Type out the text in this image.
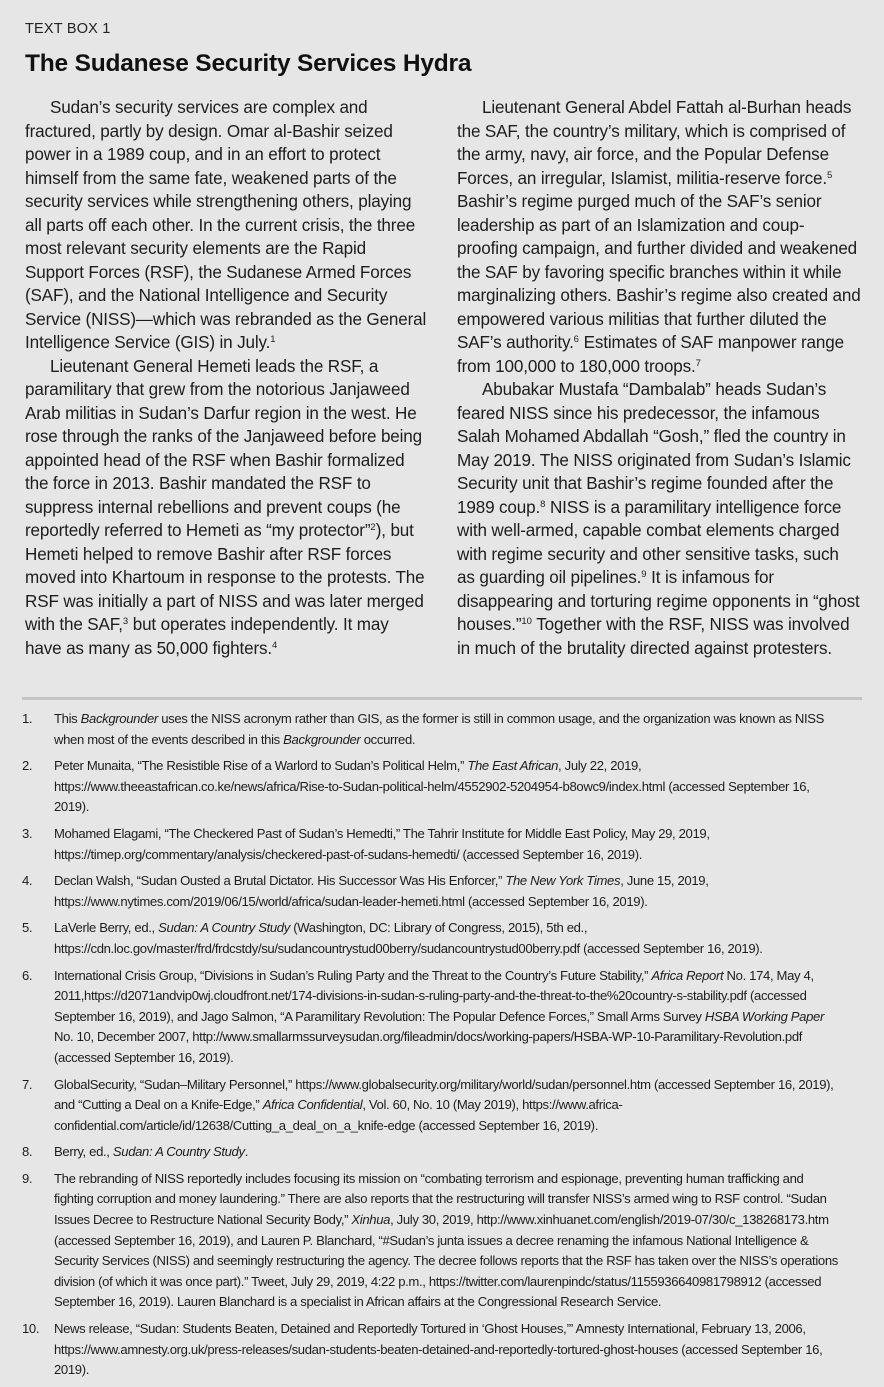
TEXT BOX 1
The Sudanese Security Services Hydra

Sudan’s security services are complex and fractured, partly by design. Omar al-Bashir seized power in a 1989 coup, and in an effort to protect himself from the same fate, weakened parts of the security services while strengthening others, playing all parts off each other. In the current crisis, the three most relevant security elements are the Rapid Support Forces (RSF), the Sudanese Armed Forces (SAF), and the National Intelligence and Security Service (NISS)—which was rebranded as the General Intelligence Service (GIS) in July.$^1$

Lieutenant General Hemeti leads the RSF, a paramilitary that grew from the notorious Janjaweed Arab militias in Sudan’s Darfur region in the west. He rose through the ranks of the Janjaweed before being appointed head of the RSF when Bashir formalized the force in 2013. Bashir mandated the RSF to suppress internal rebellions and prevent coups (he reportedly referred to Hemeti as “my protector”$^2$), but Hemeti helped to remove Bashir after RSF forces moved into Khartoum in response to the protests. The RSF was initially a part of NISS and was later merged with the SAF,$^3$ but operates independently. It may have as many as 50,000 fighters.$^4$

Lieutenant General Abdel Fattah al-Burhan heads the SAF, the country’s military, which is comprised of the army, navy, air force, and the Popular Defense Forces, an irregular, Islamist, militia-reserve force.$^5$ Bashir’s regime purged much of the SAF’s senior leadership as part of an Islamization and coup-proofing campaign, and further divided and weakened the SAF by favoring specific branches within it while marginalizing others. Bashir’s regime also created and empowered various militias that further diluted the SAF’s authority.$^6$ Estimates of SAF manpower range from 100,000 to 180,000 troops.$^7$

Abubakar Mustafa “Dambalab” heads Sudan’s feared NISS since his predecessor, the infamous Salah Mohamed Abdallah “Gosh,” fled the country in May 2019. The NISS originated from Sudan’s Islamic Security unit that Bashir’s regime founded after the 1989 coup.$^8$ NISS is a paramilitary intelligence force with well-armed, capable combat elements charged with regime security and other sensitive tasks, such as guarding oil pipelines.$^9$ It is infamous for disappearing and torturing regime opponents in “ghost houses.”$^{10}$ Together with the RSF, NISS was involved in much of the brutality directed against protesters.

1. This Backgrounder uses the NISS acronym rather than GIS, as the former is still in common usage, and the organization was known as NISS when most of the events described in this Backgrounder occurred.
2. Peter Munaita, “The Resistible Rise of a Warlord to Sudan’s Political Helm,” The East African, July 22, 2019, https://www.theeastafrican.co.ke/news/africa/Rise-to-Sudan-political-helm/4552902-5204954-b8owc9/index.html (accessed September 16, 2019).
3. Mohamed Elagami, “The Checkered Past of Sudan’s Hemedti,” The Tahrir Institute for Middle East Policy, May 29, 2019, https://timep.org/commentary/analysis/checkered-past-of-sudans-hemedti/ (accessed September 16, 2019).
4. Declan Walsh, “Sudan Ousted a Brutal Dictator. His Successor Was His Enforcer,” The New York Times, June 15, 2019, https://www.nytimes.com/2019/06/15/world/africa/sudan-leader-hemeti.html (accessed September 16, 2019).
5. LaVerle Berry, ed., Sudan: A Country Study (Washington, DC: Library of Congress, 2015), 5th ed., https://cdn.loc.gov/master/frd/frdcstdy/su/sudancountrystud00berry/sudancountrystud00berry.pdf (accessed September 16, 2019).
6. International Crisis Group, “Divisions in Sudan’s Ruling Party and the Threat to the Country’s Future Stability,” Africa Report No. 174, May 4, 2011,https://d2071andvip0wj.cloudfront.net/174-divisions-in-sudan-s-ruling-party-and-the-threat-to-the%20country-s-stability.pdf (accessed September 16, 2019), and Jago Salmon, “A Paramilitary Revolution: The Popular Defence Forces,” Small Arms Survey HSBA Working Paper No. 10, December 2007, http://www.smallarmssurveysudan.org/fileadmin/docs/working-papers/HSBA-WP-10-Paramilitary-Revolution.pdf (accessed September 16, 2019).
7. GlobalSecurity, “Sudan–Military Personnel,” https://www.globalsecurity.org/military/world/sudan/personnel.htm (accessed September 16, 2019), and “Cutting a Deal on a Knife-Edge,” Africa Confidential, Vol. 60, No. 10 (May 2019), https://www.africa-confidential.com/article/id/12638/Cutting_a_deal_on_a_knife-edge (accessed September 16, 2019).
8. Berry, ed., Sudan: A Country Study.
9. The rebranding of NISS reportedly includes focusing its mission on “combating terrorism and espionage, preventing human trafficking and fighting corruption and money laundering.” There are also reports that the restructuring will transfer NISS’s armed wing to RSF control. “Sudan Issues Decree to Restructure National Security Body,” Xinhua, July 30, 2019, http://www.xinhuanet.com/english/2019-07/30/c_138268173.htm (accessed September 16, 2019), and Lauren P. Blanchard, “#Sudan’s junta issues a decree renaming the infamous National Intelligence & Security Services (NISS) and seemingly restructuring the agency. The decree follows reports that the RSF has taken over the NISS’s operations division (of which it was once part).” Tweet, July 29, 2019, 4:22 p.m., https://twitter.com/laurenpindc/status/1155936640981798912 (accessed September 16, 2019). Lauren Blanchard is a specialist in African affairs at the Congressional Research Service.
10. News release, “Sudan: Students Beaten, Detained and Reportedly Tortured in ‘Ghost Houses,’” Amnesty International, February 13, 2006, https://www.amnesty.org.uk/press-releases/sudan-students-beaten-detained-and-reportedly-tortured-ghost-houses (accessed September 16, 2019).
